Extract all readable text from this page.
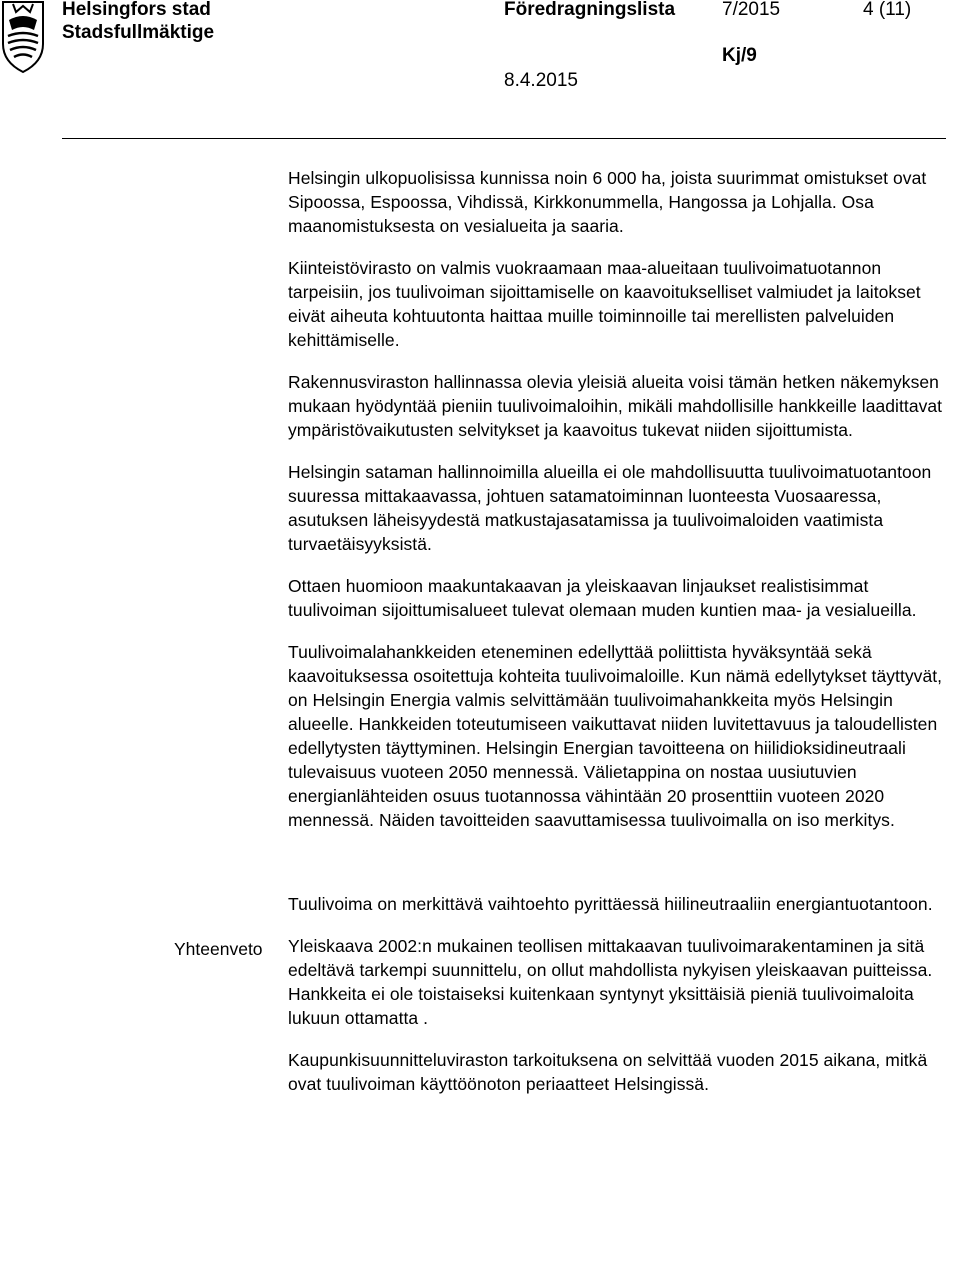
Helsingfors stad
Stadsfullmäktige
Föredragningslista 7/2015	4 (11)
Kj/9
8.4.2015

Helsingin ulkopuolisissa kunnissa noin 6 000 ha, joista suurimmat omistukset ovat Sipoossa, Espoossa, Vihdissä, Kirkkonummella, Hangossa ja Lohjalla. Osa maanomistuksesta on vesialueita ja saaria.

Kiinteistövirasto on valmis vuokraamaan maa-alueitaan tuulivoimatuotannon tarpeisiin, jos tuulivoiman sijoittamiselle on kaavoitukselliset valmiudet ja laitokset eivät aiheuta kohtuutonta haittaa muille toiminnoille tai merellisten palveluiden kehittämiselle.

Rakennusviraston hallinnassa olevia yleisiä alueita voisi tämän hetken näkemyksen mukaan hyödyntää pieniin tuulivoimaloihin, mikäli mahdollisille hankkeille laadittavat ympäristövaikutusten selvitykset ja kaavoitus tukevat niiden sijoittumista.

Helsingin sataman hallinnoimilla alueilla ei ole mahdollisuutta tuulivoimatuotantoon suuressa mittakaavassa, johtuen satamatoiminnan luonteesta Vuosaaressa, asutuksen läheisyydestä matkustajasatamissa ja tuulivoimaloiden vaatimista turvaetäisyyksistä.

Ottaen huomioon maakuntakaavan ja yleiskaavan linjaukset realistisimmat tuulivoiman sijoittumisalueet tulevat olemaan muden kuntien maa- ja vesialueilla.

Tuulivoimalahankkeiden eteneminen edellyttää poliittista hyväksyntää sekä kaavoituksessa osoitettuja kohteita tuulivoimaloille. Kun nämä edellytykset täyttyvät, on Helsingin Energia valmis selvittämään tuulivoimahankkeita myös Helsingin alueelle. Hankkeiden toteutumiseen vaikuttavat niiden luvitettavuus ja taloudellisten edellytysten täyttyminen. Helsingin Energian tavoitteena on hiilidioksidineutraali tulevaisuus vuoteen 2050 mennessä. Välietappina on nostaa uusiutuvien energianlähteiden osuus tuotannossa vähintään 20 prosenttiin vuoteen 2020 mennessä. Näiden tavoitteiden saavuttamisessa tuulivoimalla on iso merkitys.

Tuulivoima on merkittävä vaihtoehto pyrittäessä hiilineutraaliin energiantuotantoon.

Yleiskaava 2002:n mukainen teollisen mittakaavan tuulivoimarakentaminen ja sitä edeltävä tarkempi suunnittelu, on ollut mahdollista nykyisen yleiskaavan puitteissa. Hankkeita ei ole toistaiseksi kuitenkaan syntynyt yksittäisiä pieniä tuulivoimaloita lukuun ottamatta .

Kaupunkisuunnitteluviraston tarkoituksena on selvittää vuoden 2015 aikana, mitkä ovat tuulivoiman käyttöönoton periaatteet Helsingissä.

Yhteenveto
